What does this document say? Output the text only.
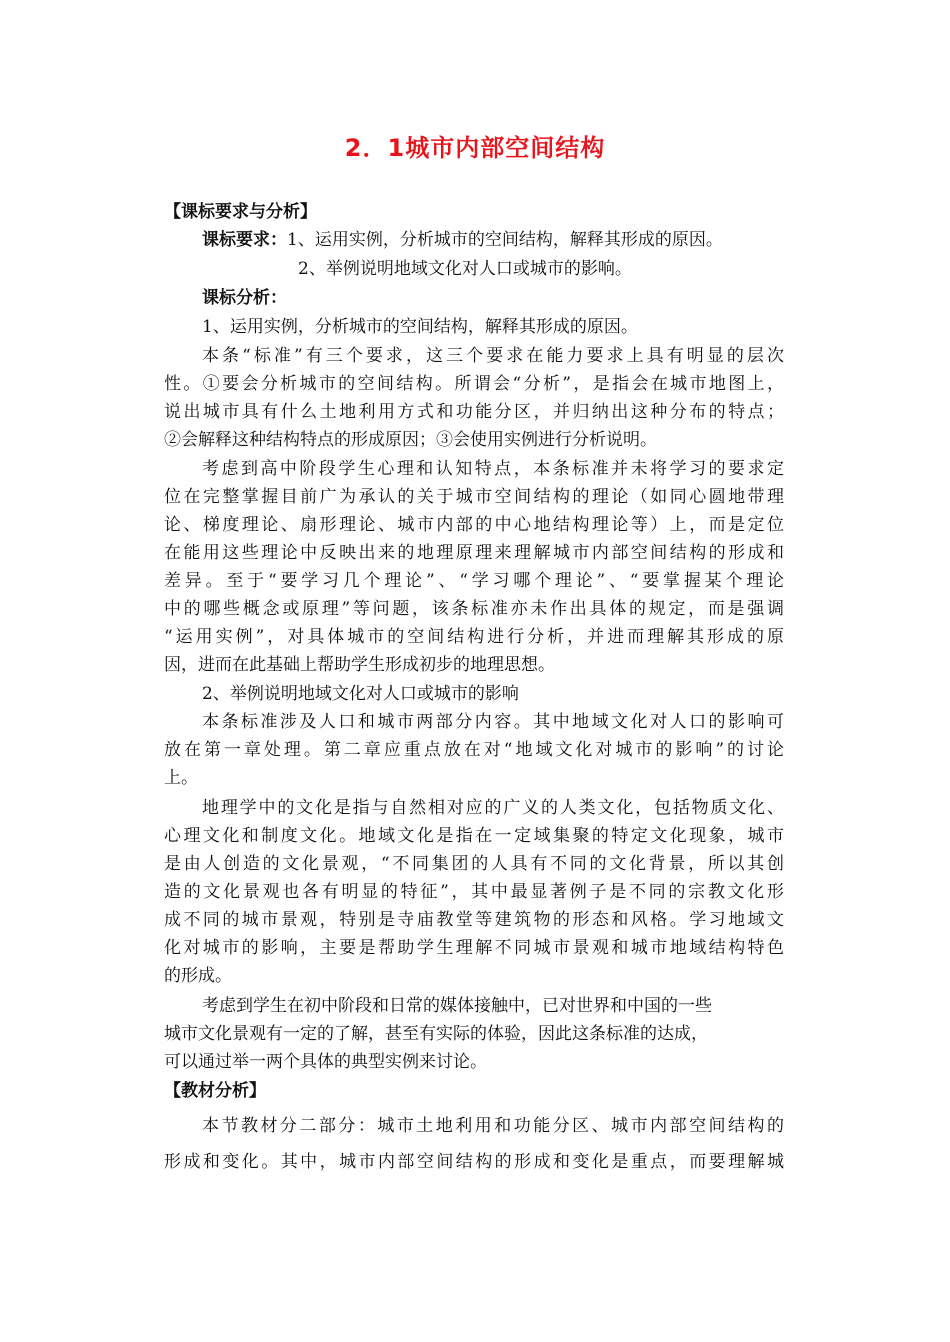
2．1城市内部空间结构
【课标要求与分析】
课标要求：1、运用实例，分析城市的空间结构，解释其形成的原因。
2、举例说明地域文化对人口或城市的影响。
课标分析：
1、运用实例，分析城市的空间结构，解释其形成的原因。
本条“标准”有三个要求，这三个要求在能力要求上具有明显的层次
性。①要会分析城市的空间结构。所谓会“分析”，是指会在城市地图上，
说出城市具有什么土地利用方式和功能分区，并归纳出这种分布的特点；
②会解释这种结构特点的形成原因；③会使用实例进行分析说明。
考虑到高中阶段学生心理和认知特点，本条标准并未将学习的要求定
位在完整掌握目前广为承认的关于城市空间结构的理论（如同心圆地带理
论、梯度理论、扇形理论、城市内部的中心地结构理论等）上，而是定位
在能用这些理论中反映出来的地理原理来理解城市内部空间结构的形成和
差异。至于“要学习几个理论”、“学习哪个理论”、“要掌握某个理论
中的哪些概念或原理”等问题，该条标准亦未作出具体的规定，而是强调
“运用实例”，对具体城市的空间结构进行分析，并进而理解其形成的原
因，进而在此基础上帮助学生形成初步的地理思想。
2、举例说明地域文化对人口或城市的影响
本条标准涉及人口和城市两部分内容。其中地域文化对人口的影响可
放在第一章处理。第二章应重点放在对“地域文化对城市的影响”的讨论
上。
地理学中的文化是指与自然相对应的广义的人类文化，包括物质文化、
心理文化和制度文化。地域文化是指在一定域集聚的特定文化现象，城市
是由人创造的文化景观，“不同集团的人具有不同的文化背景，所以其创
造的文化景观也各有明显的特征”，其中最显著例子是不同的宗教文化形
成不同的城市景观，特别是寺庙教堂等建筑物的形态和风格。学习地域文
化对城市的影响，主要是帮助学生理解不同城市景观和城市地域结构特色
的形成。
考虑到学生在初中阶段和日常的媒体接触中，已对世界和中国的一些
城市文化景观有一定的了解，甚至有实际的体验，因此这条标准的达成，
可以通过举一两个具体的典型实例来讨论。
【教材分析】
本节教材分二部分：城市土地利用和功能分区、城市内部空间结构的
形成和变化。其中，城市内部空间结构的形成和变化是重点，而要理解城
